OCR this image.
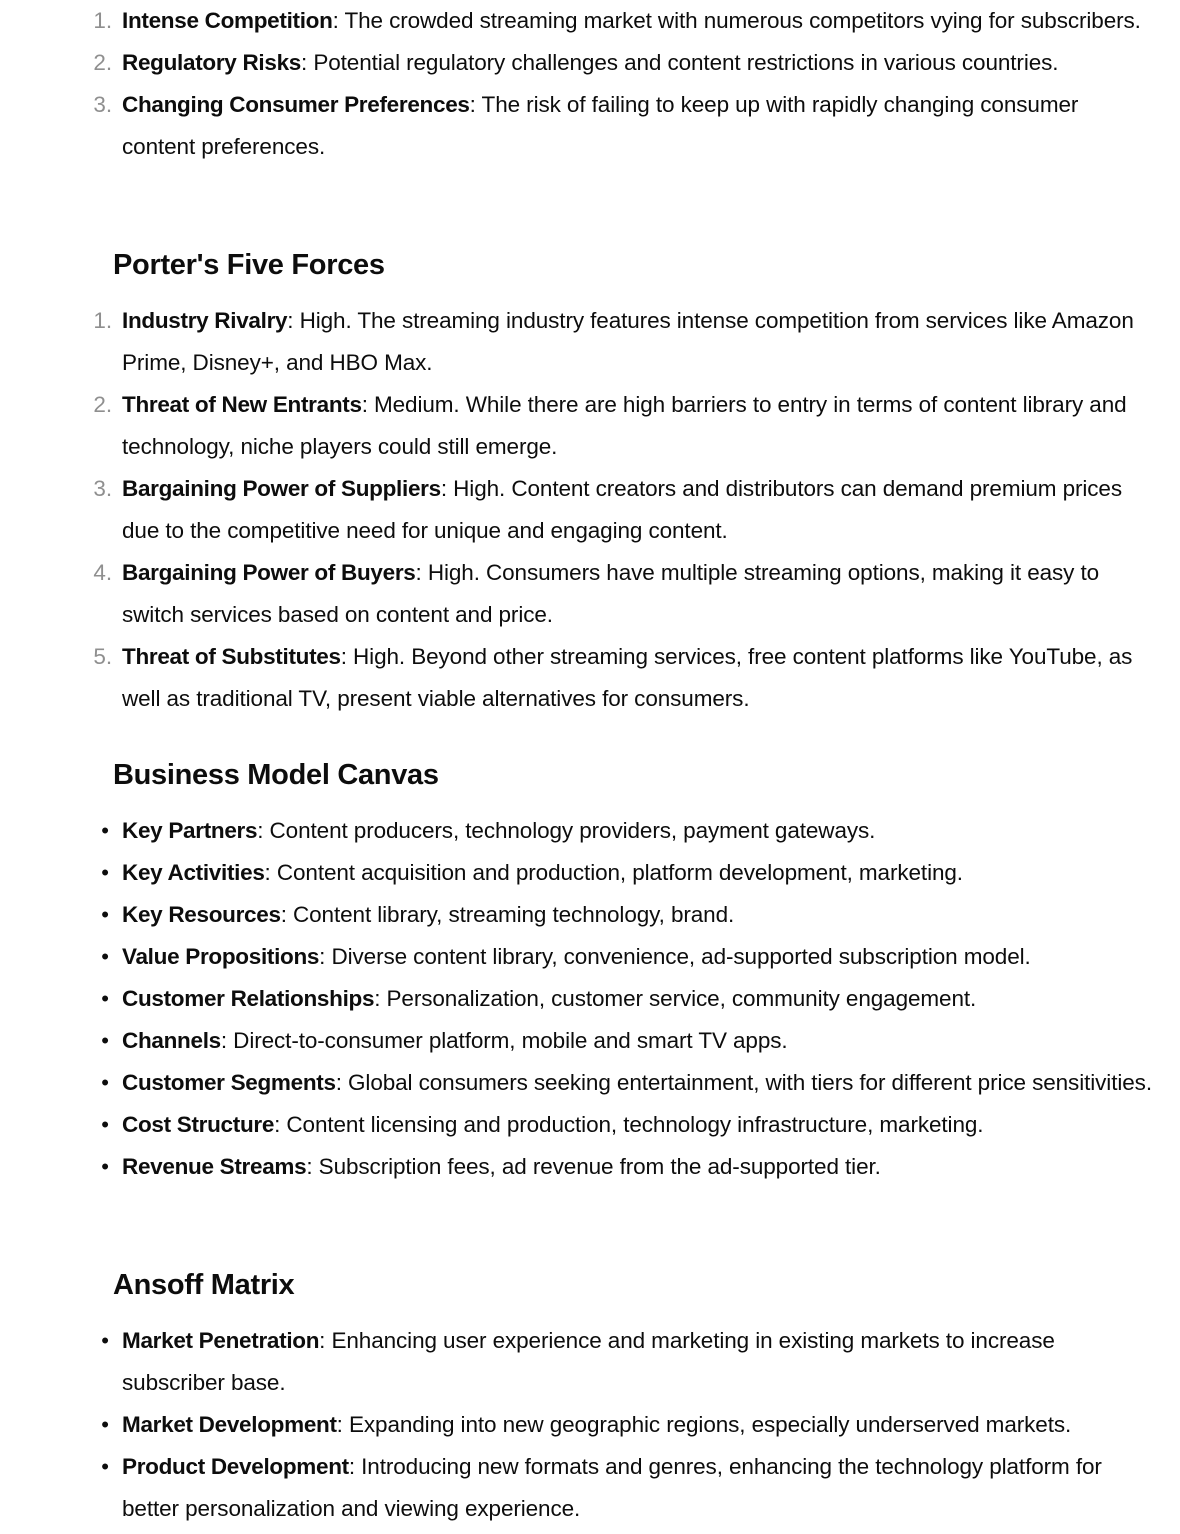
1. Intense Competition: The crowded streaming market with numerous competitors vying for subscribers.
2. Regulatory Risks: Potential regulatory challenges and content restrictions in various countries.
3. Changing Consumer Preferences: The risk of failing to keep up with rapidly changing consumer content preferences.
Porter's Five Forces
1. Industry Rivalry: High. The streaming industry features intense competition from services like Amazon Prime, Disney+, and HBO Max.
2. Threat of New Entrants: Medium. While there are high barriers to entry in terms of content library and technology, niche players could still emerge.
3. Bargaining Power of Suppliers: High. Content creators and distributors can demand premium prices due to the competitive need for unique and engaging content.
4. Bargaining Power of Buyers: High. Consumers have multiple streaming options, making it easy to switch services based on content and price.
5. Threat of Substitutes: High. Beyond other streaming services, free content platforms like YouTube, as well as traditional TV, present viable alternatives for consumers.
Business Model Canvas
• Key Partners: Content producers, technology providers, payment gateways.
• Key Activities: Content acquisition and production, platform development, marketing.
• Key Resources: Content library, streaming technology, brand.
• Value Propositions: Diverse content library, convenience, ad-supported subscription model.
• Customer Relationships: Personalization, customer service, community engagement.
• Channels: Direct-to-consumer platform, mobile and smart TV apps.
• Customer Segments: Global consumers seeking entertainment, with tiers for different price sensitivities.
• Cost Structure: Content licensing and production, technology infrastructure, marketing.
• Revenue Streams: Subscription fees, ad revenue from the ad-supported tier.
Ansoff Matrix
• Market Penetration: Enhancing user experience and marketing in existing markets to increase subscriber base.
• Market Development: Expanding into new geographic regions, especially underserved markets.
• Product Development: Introducing new formats and genres, enhancing the technology platform for better personalization and viewing experience.
